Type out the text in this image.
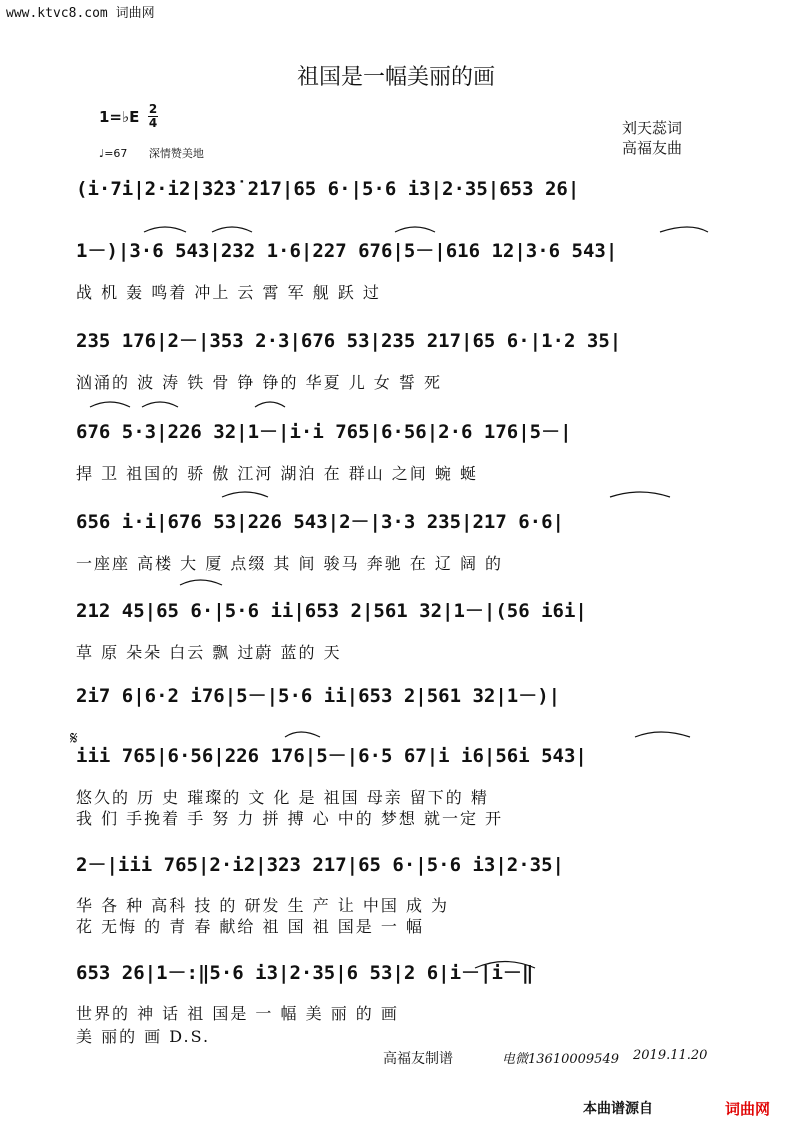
www.ktvc8.com 词曲网
祖国是一幅美丽的画
1=♭E 2
4
♩=67 深情赞美地
刘天蕊词
高福友曲
(i·7i|2·i2|3̇23̇ 2̇17|65 6·|5·6 i3|2·35|653 26|
1－)|3·6 543|232 1·6|227 676|5－|616 12|3·6 543|
战 机 轰 鸣着 冲上 云 霄 军 舰 跃 过
235 176|2－|353 2·3|676 53|235 217|65 6·|1·2 35|
汹涌的 波 涛 铁 骨 铮 铮的 华夏 儿 女 誓 死
676 5·3|226 32|1－|i·i 765|6·56|2·6 176|5－|
捍 卫 祖国的 骄 傲 江河 湖泊 在 群山 之间 蜿 蜒
656 i·i|676 53|226 543|2－|3·3 235|217 6·6|
一座座 高楼 大 厦 点缀 其 间 骏马 奔驰 在 辽 阔 的
212 45|65 6·|5·6 ii|653 2|561 32|1－|(56 i6i|
草 原 朵朵 白云 飘 过蔚 蓝的 天
2i7 6|6·2 i76|5－|5·6 ii|653 2|561 32|1－)|
𝄋
iii 765|6·56|226 176|5－|6·5 67|i i6|56i 543|
悠久的 历 史 璀璨的 文 化 是 祖国 母亲 留下的 精
我 们 手挽着 手 努 力 拼 搏 心 中的 梦想 就一定 开
2－|iii 765|2·i2|323 217|65 6·|5·6 i3|2·35|
华 各 种 高科 技 的 研发 生 产 让 中国 成 为
花 无悔 的 青 春 献给 祖 国 祖 国是 一 幅
653 26|1－:‖5·6 i3|2·35|6 53|2 6|i－|i－‖
世界的 神 话 祖 国是 一 幅 美 丽 的 画
美 丽的 画 D.S.
高福友制谱	电微13610009549 2019.11.20
本曲谱源自	词曲网
